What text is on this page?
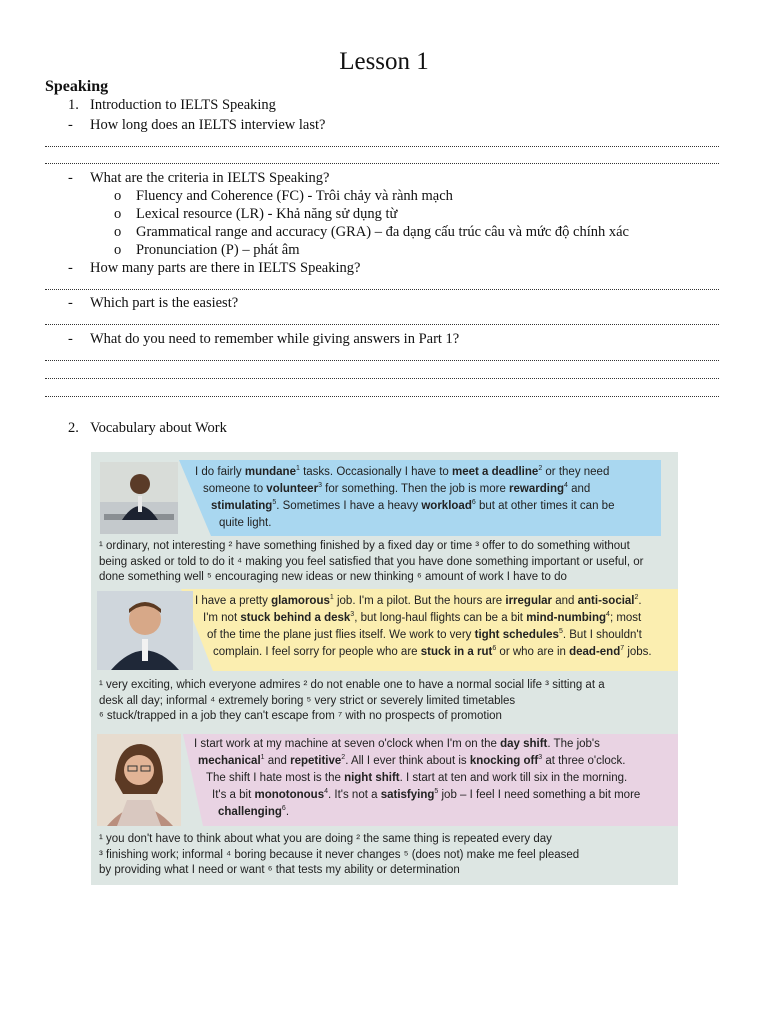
Lesson 1
Speaking
1. Introduction to IELTS Speaking
- How long does an IELTS interview last?
- What are the criteria in IELTS Speaking?
o Fluency and Coherence (FC) - Trôi chảy và rành mạch
o Lexical resource (LR) - Khả năng sử dụng từ
o Grammatical range and accuracy (GRA) – đa dạng cấu trúc câu và mức độ chính xác
o Pronunciation (P) – phát âm
- How many parts are there in IELTS Speaking?
- Which part is the easiest?
- What do you need to remember while giving answers in Part 1?
2. Vocabulary about Work
I do fairly mundane$^1$ tasks. Occasionally I have to meet a deadline$^2$ or they need
someone to volunteer$^3$ for something. Then the job is more rewarding$^4$ and
stimulating$^5$. Sometimes I have a heavy workload$^6$ but at other times it can be
quite light.
¹ ordinary, not interesting ² have something finished by a fixed day or time ³ offer to do something without
being asked or told to do it ⁴ making you feel satisfied that you have done something important or useful, or
done something well ⁵ encouraging new ideas or new thinking ⁶ amount of work I have to do
I have a pretty glamorous$^1$ job. I'm a pilot. But the hours are irregular and anti-social$^2$.
I'm not stuck behind a desk$^3$, but long-haul flights can be a bit mind-numbing$^4$; most
of the time the plane just flies itself. We work to very tight schedules$^5$. But I shouldn't
complain. I feel sorry for people who are stuck in a rut$^6$ or who are in dead-end$^7$ jobs.
¹ very exciting, which everyone admires ² do not enable one to have a normal social life ³ sitting at a
desk all day; informal ⁴ extremely boring ⁵ very strict or severely limited timetables
⁶ stuck/trapped in a job they can't escape from ⁷ with no prospects of promotion
I start work at my machine at seven o'clock when I'm on the day shift. The job's
mechanical$^1$ and repetitive$^2$. All I ever think about is knocking off$^3$ at three o'clock.
The shift I hate most is the night shift. I start at ten and work till six in the morning.
It's a bit monotonous$^4$. It's not a satisfying$^5$ job – I feel I need something a bit more
challenging$^6$.
¹ you don't have to think about what you are doing ² the same thing is repeated every day
³ finishing work; informal ⁴ boring because it never changes ⁵ (does not) make me feel pleased
by providing what I need or want ⁶ that tests my ability or determination
